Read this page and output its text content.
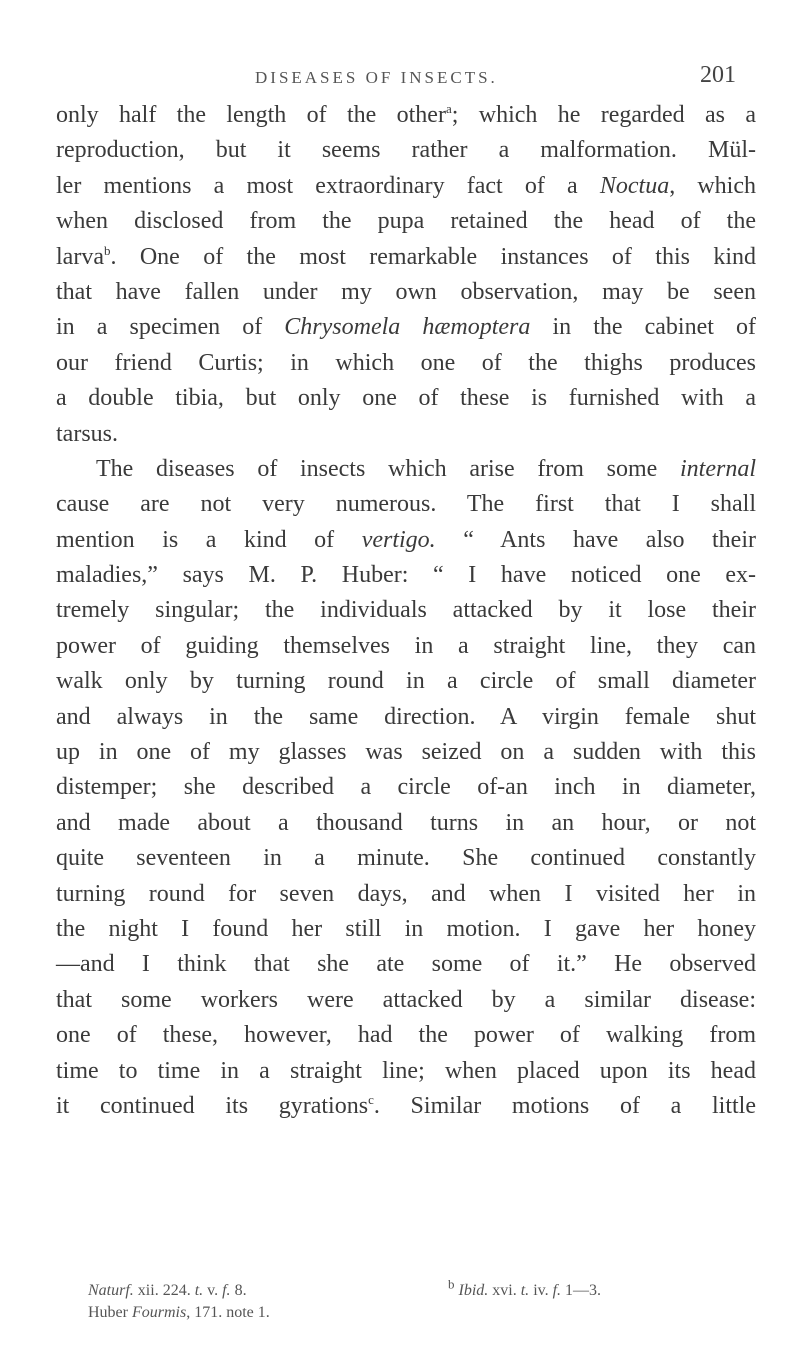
DISEASES OF INSECTS.	201
only half the length of the other$^a$; which he regarded as a
reproduction, but it seems rather a malformation. Mül-
ler mentions a most extraordinary fact of a Noctua, which
when disclosed from the pupa retained the head of the
larva$^b$. One of the most remarkable instances of this kind
that have fallen under my own observation, may be seen
in a specimen of Chrysomela hæmoptera in the cabinet of
our friend Curtis; in which one of the thighs produces
a double tibia, but only one of these is furnished with a
tarsus.
The diseases of insects which arise from some internal
cause are not very numerous. The first that I shall
mention is a kind of vertigo. “ Ants have also their
maladies,” says M. P. Huber: “ I have noticed one ex-
tremely singular; the individuals attacked by it lose their
power of guiding themselves in a straight line, they can
walk only by turning round in a circle of small diameter
and always in the same direction. A virgin female shut
up in one of my glasses was seized on a sudden with this
distemper; she described a circle of-an inch in diameter,
and made about a thousand turns in an hour, or not
quite seventeen in a minute. She continued constantly
turning round for seven days, and when I visited her in
the night I found her still in motion. I gave her honey
—and I think that she ate some of it.” He observed
that some workers were attacked by a similar disease:
one of these, however, had the power of walking from
time to time in a straight line; when placed upon its head
it continued its gyrations$^c$. Similar motions of a little
Naturf. xii. 224. t. v. f. 8.	$^b$ Ibid. xvi. t. iv. f. 1—3.
Huber Fourmis, 171. note 1.
